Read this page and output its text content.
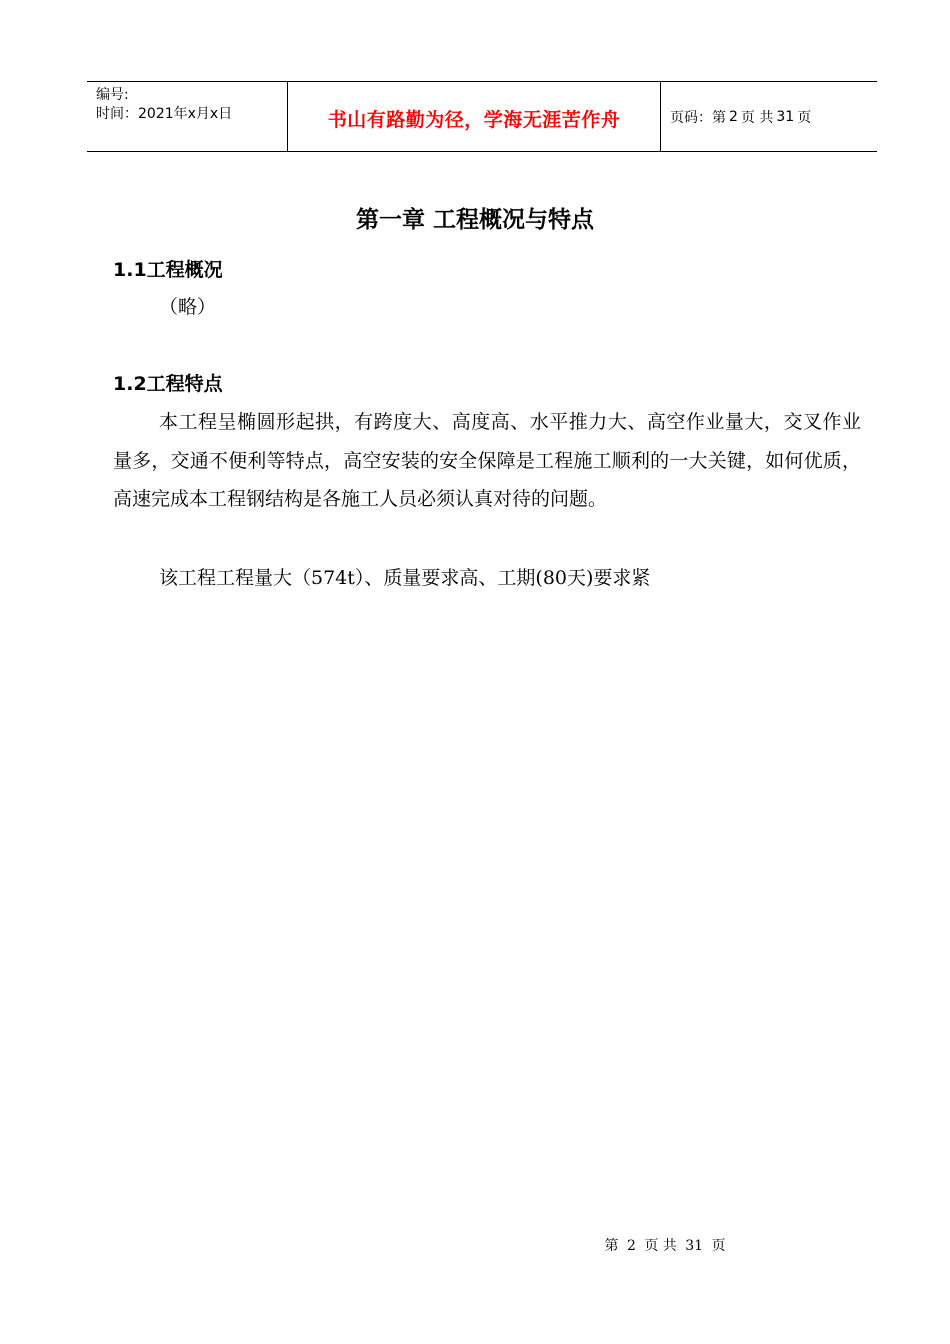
编号:
时间：2021年x月x日	书山有路勤为径，学海无涯苦作舟	页码：第 2 页 共 31 页
第一章 工程概况与特点
1.1工程概况
（略）
1.2工程特点

本工程呈椭圆形起拱，有跨度大、高度高、水平推力大、高空作业量大，交叉作业量多，交通不便利等特点，高空安装的安全保障是工程施工顺利的一大关键，如何优质，高速完成本工程钢结构是各施工人员必须认真对待的问题。

该工程工程量大（574t）、质量要求高、工期(80天)要求紧

第 2 页 共 31 页
